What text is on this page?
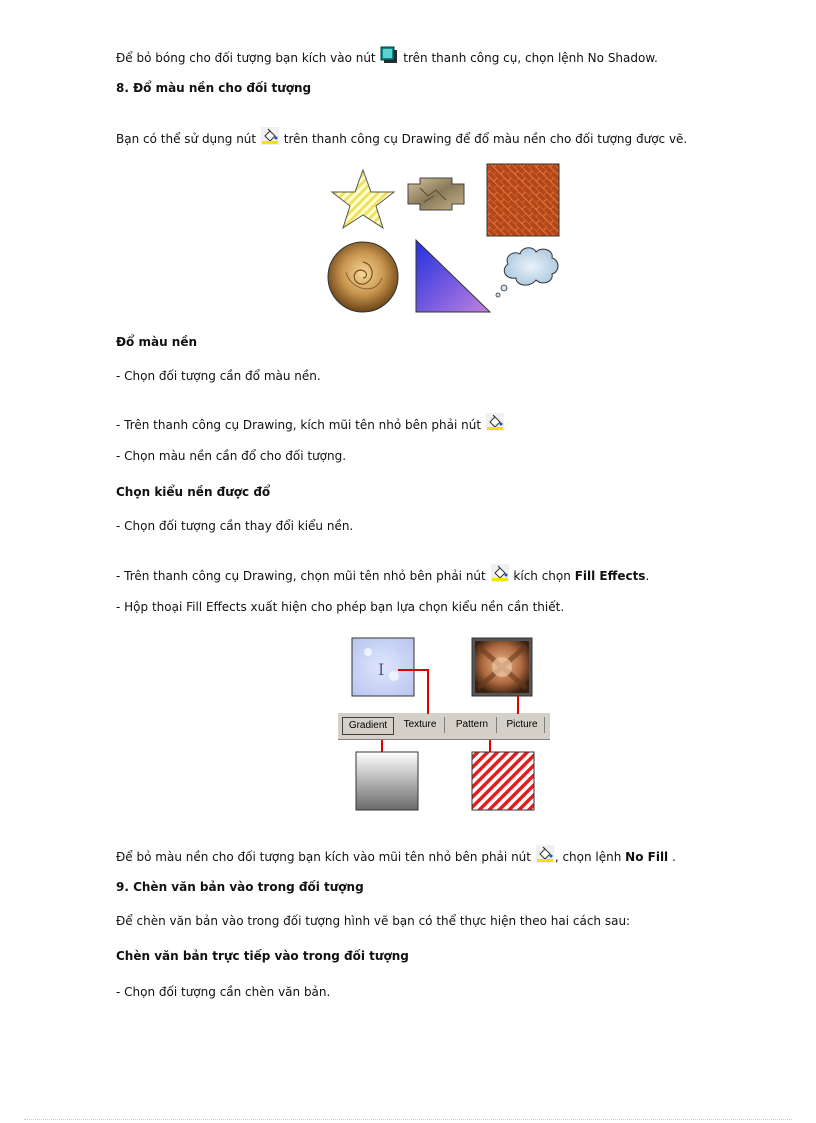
Để bỏ bóng cho đối tượng bạn kích vào nút trên thanh công cụ, chọn lệnh No Shadow.
8. Đổ màu nền cho đối tượng
Bạn có thể sử dụng nút trên thanh công cụ Drawing để đổ màu nền cho đối tượng được vẽ.
Đổ màu nền
- Chọn đối tượng cần đổ màu nền.
- Trên thanh công cụ Drawing, kích mũi tên nhỏ bên phải nút
- Chọn màu nền cần đổ cho đối tượng.
Chọn kiểu nền được đổ
- Chọn đối tượng cần thay đổi kiểu nền.
- Trên thanh công cụ Drawing, chọn mũi tên nhỏ bên phải nút kích chọn Fill Effects.
- Hộp thoại Fill Effects xuất hiện cho phép bạn lựa chọn kiểu nền cần thiết.
I
Gradient	Texture	Pattern	Picture
Để bỏ màu nền cho đối tượng bạn kích vào mũi tên nhỏ bên phải nút , chọn lệnh No Fill .
9. Chèn văn bản vào trong đối tượng
Để chèn văn bản vào trong đối tượng hình vẽ bạn có thể thực hiện theo hai cách sau:
Chèn văn bản trực tiếp vào trong đối tượng
- Chọn đối tượng cần chèn văn bản.
